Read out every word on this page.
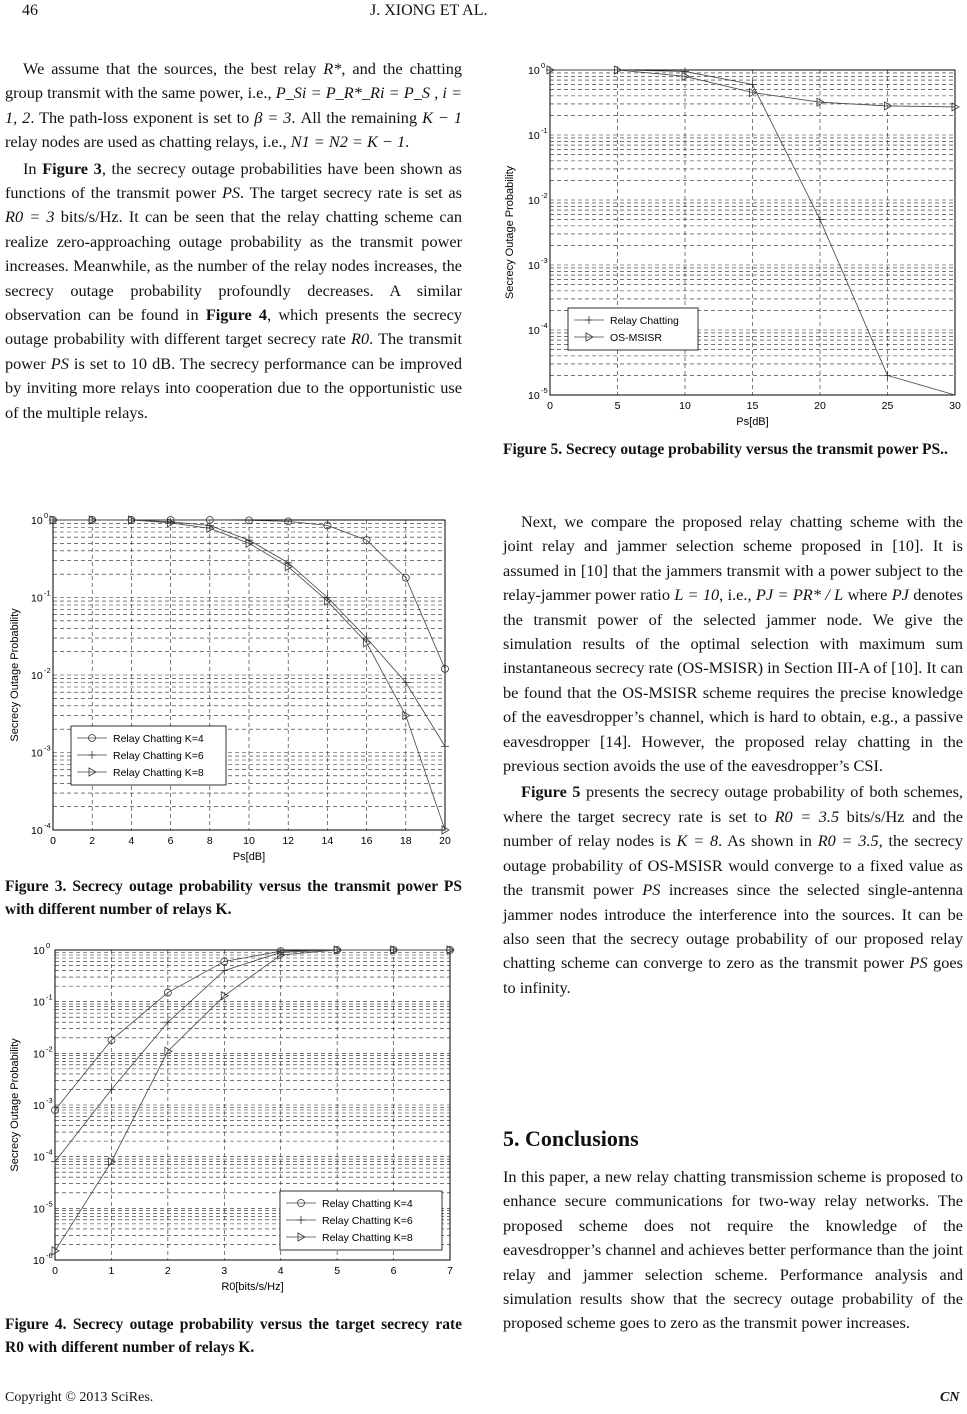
46	J. XIONG ET AL.

We assume that the sources, the best relay R*, and the chatting group transmit with the same power, i.e., P_Si = P_R*_Ri = P_S , i = 1, 2. The path-loss exponent is set to β = 3. All the remaining K − 1 relay nodes are used as chatting relays, i.e., N1 = N2 = K − 1.

In Figure 3, the secrecy outage probabilities have been shown as functions of the transmit power PS. The target secrecy rate is set as R0 = 3 bits/s/Hz. It can be seen that the relay chatting scheme can realize zero-approaching outage probability as the transmit power increases. Meanwhile, as the number of the relay nodes increases, the secrecy outage probability profoundly decreases. A similar observation can be found in Figure 4, which presents the secrecy outage probability with different target secrecy rate R0. The transmit power PS is set to 10 dB. The secrecy performance can be improved by inviting more relays into cooperation due to the opportunistic use of the multiple relays.

0	2	4	6	8	10	12	14	16	18	20
10 0
10 -1
10 -2
10 -3
10 -4
Ps[dB]
Secrecy Outage Probability	Relay Chatting K=4
Relay Chatting K=6
Relay Chatting K=8
Figure 3. Secrecy outage probability versus the transmit power PS with different number of relays K.
0	1	2	3	4	5	6	7
10 0
10 -1
10 -2
10 -3
10 -4
10 -5
10 -6
R0[bits/s/Hz]
Secrecy Outage Probability
Relay Chatting K=4
Relay Chatting K=6
Relay Chatting K=8
Figure 4. Secrecy outage probability versus the target secrecy rate R0 with different number of relays K.
0	5	10	15	20	25	30
10 0
10 -1
10 -2
10 -3
10 -4
10 -5
Ps[dB]
Secrecy Outage Probability
Relay Chatting
OS-MSISR
Figure 5. Secrecy outage probability versus the transmit power PS..

Next, we compare the proposed relay chatting scheme with the joint relay and jammer selection scheme proposed in [10]. It is assumed in [10] that the jammers transmit with a power subject to the relay-jammer power ratio L = 10, i.e., PJ = PR* / L where PJ denotes the transmit power of the selected jammer node. We give the simulation results of the optimal selection with maximum sum instantaneous secrecy rate (OS-MSISR) in Section III-A of [10]. It can be found that the OS-MSISR scheme requires the precise knowledge of the eavesdropper’s channel, which is hard to obtain, e.g., a passive eavesdropper [14]. However, the proposed relay chatting in the previous section avoids the use of the eavesdropper’s CSI.

Figure 5 presents the secrecy outage probability of both schemes, where the target secrecy rate is set to R0 = 3.5 bits/s/Hz and the number of relay nodes is K = 8. As shown in R0 = 3.5, the secrecy outage probability of OS-MSISR would converge to a fixed value as the transmit power PS increases since the selected single-antenna jammer nodes introduce the interference into the sources. It can be also seen that the secrecy outage probability of our proposed relay chatting scheme can converge to zero as the transmit power PS goes to infinity.

5. Conclusions

In this paper, a new relay chatting transmission scheme is proposed to enhance secure communications for two-way relay networks. The proposed scheme does not require the knowledge of the eavesdropper’s channel and achieves better performance than the joint relay and jammer selection scheme. Performance analysis and simulation results show that the secrecy outage probability of the proposed scheme goes to zero as the transmit power increases.

Copyright © 2013 SciRes.	CN
